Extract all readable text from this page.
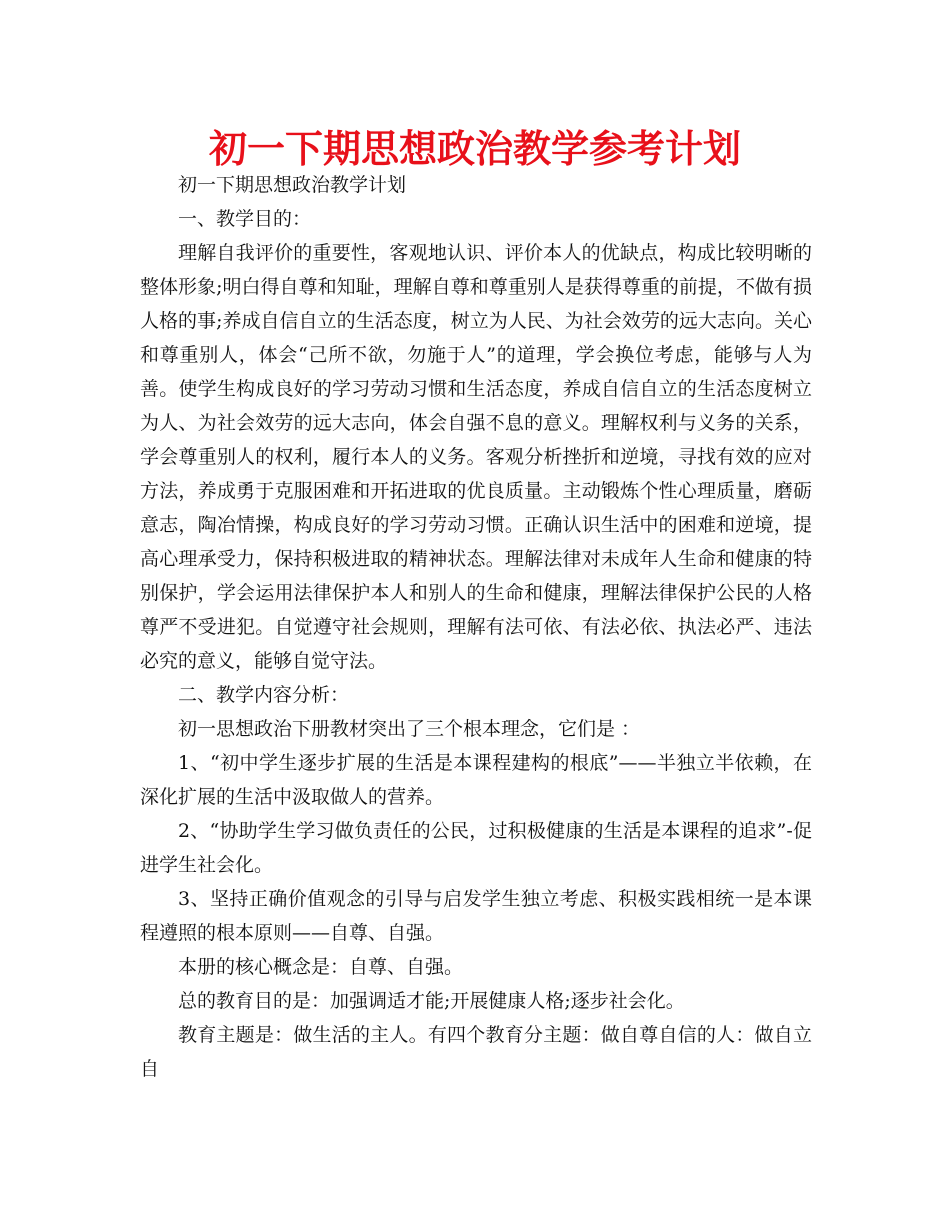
初一下期思想政治教学参考计划

初一下期思想政治教学计划

一、教学目的：

理解自我评价的重要性，客观地认识、评价本人的优缺点，构成比较明晰的整体形象;明白得自尊和知耻，理解自尊和尊重别人是获得尊重的前提，不做有损人格的事;养成自信自立的生活态度，树立为人民、为社会效劳的远大志向。关心和尊重别人，体会“己所不欲，勿施于人”的道理，学会换位考虑，能够与人为善。使学生构成良好的学习劳动习惯和生活态度，养成自信自立的生活态度树立为人、为社会效劳的远大志向，体会自强不息的意义。理解权利与义务的关系，学会尊重别人的权利，履行本人的义务。客观分析挫折和逆境，寻找有效的应对方法，养成勇于克服困难和开拓进取的优良质量。主动锻炼个性心理质量，磨砺意志，陶冶情操，构成良好的学习劳动习惯。正确认识生活中的困难和逆境，提高心理承受力，保持积极进取的精神状态。理解法律对未成年人生命和健康的特别保护，学会运用法律保护本人和别人的生命和健康，理解法律保护公民的人格尊严不受进犯。自觉遵守社会规则，理解有法可依、有法必依、执法必严、违法必究的意义，能够自觉守法。

二、教学内容分析：

初一思想政治下册教材突出了三个根本理念，它们是 ：

1、“初中学生逐步扩展的生活是本课程建构的根底”——半独立半依赖，在深化扩展的生活中汲取做人的营养。

2、“协助学生学习做负责任的公民，过积极健康的生活是本课程的追求”-促进学生社会化。

3、坚持正确价值观念的引导与启发学生独立考虑、积极实践相统一是本课程遵照的根本原则——自尊、自强。

本册的核心概念是：自尊、自强。

总的教育目的是：加强调适才能;开展健康人格;逐步社会化。

教育主题是：做生活的主人。有四个教育分主题：做自尊自信的人：做自立自
